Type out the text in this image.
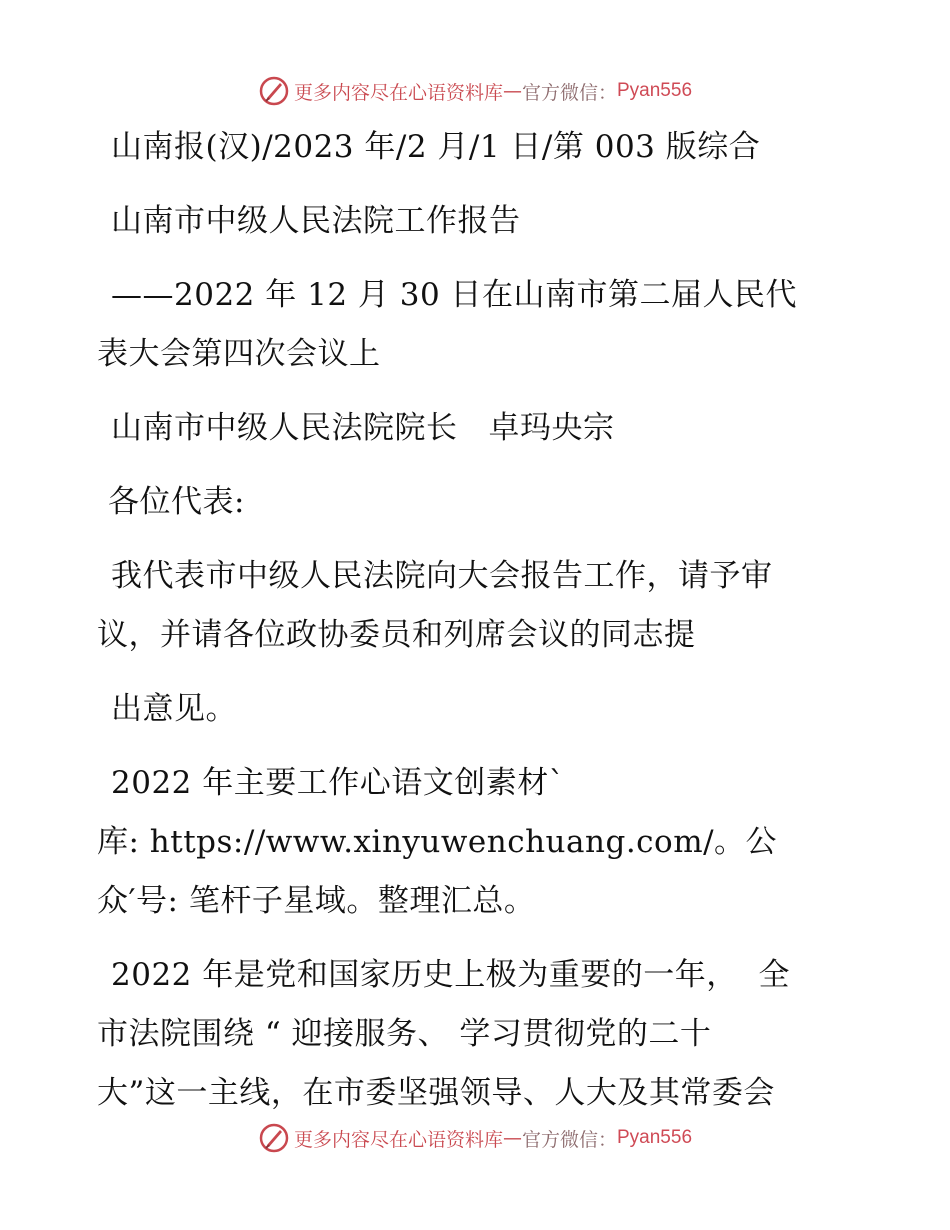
更多内容尽在心语资料库 — 官方微信： Pyan556
山南报(汉)/2023 年/2 月/1 日/第 003 版综合
山南市中级人民法院工作报告
——2022 年 12 月 30 日在山南市第二届人民代
表大会第四次会议上
山南市中级人民法院院长   卓玛央宗
各位代表:
我代表市中级人民法院向大会报告工作，请予审
议，并请各位政协委员和列席会议的同志提
出意见。
2022 年主要工作心语文创素材`
库: https://www.xinyuwenchuang.com/。公
众′号: 笔杆子星域。整理汇总。
2022 年是党和国家历史上极为重要的一年，  全
市法院围绕 “ 迎接服务、 学习贯彻党的二十
大”这一主线，在市委坚强领导、人大及其常委会
更多内容尽在心语资料库 — 官方微信： Pyan556
